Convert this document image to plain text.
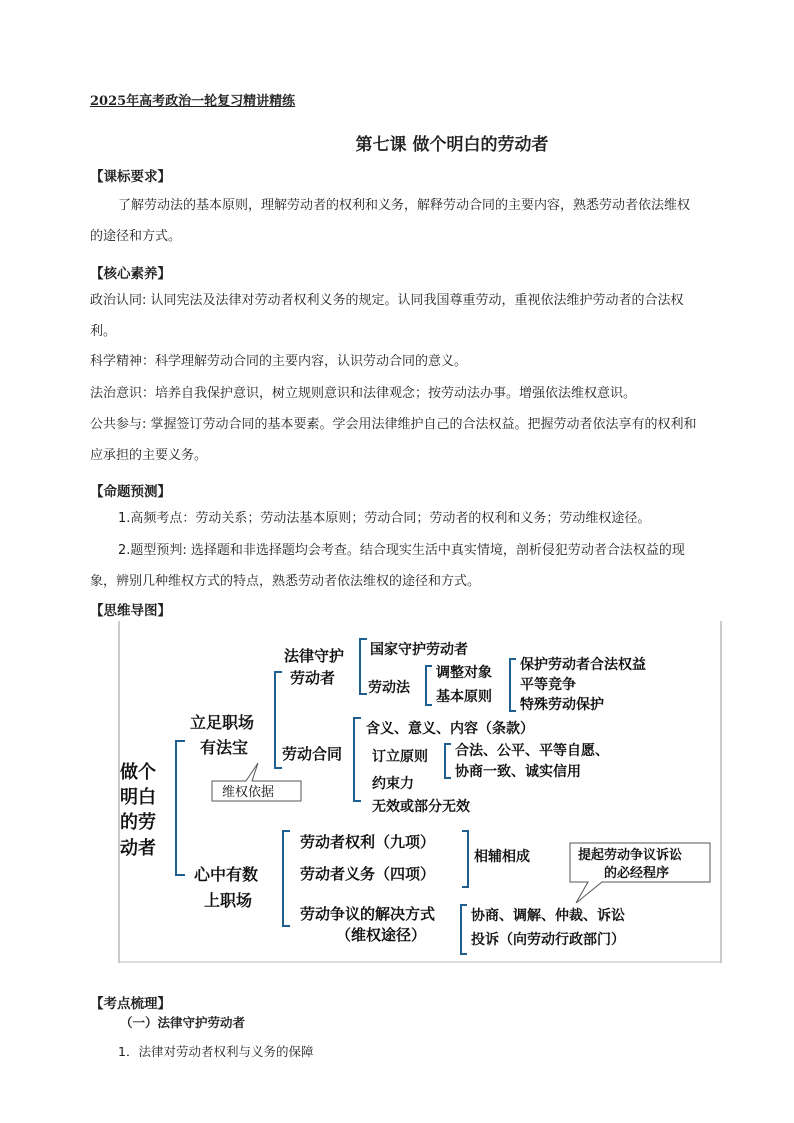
2025年高考政治一轮复习精讲精练
第七课 做个明白的劳动者
【课标要求】
了解劳动法的基本原则，理解劳动者的权利和义务，解释劳动合同的主要内容，熟悉劳动者依法维权的途径和方式。
【核心素养】
政治认同: 认同宪法及法律对劳动者权利义务的规定。认同我国尊重劳动，重视依法维护劳动者的合法权利。
科学精神：科学理解劳动合同的主要内容，认识劳动合同的意义。
法治意识：培养自我保护意识，树立规则意识和法律观念；按劳动法办事。增强依法维权意识。
公共参与: 掌握签订劳动合同的基本要素。学会用法律维护自己的合法权益。把握劳动者依法享有的权利和应承担的主要义务。
【命题预测】
1.高频考点：劳动关系；劳动法基本原则；劳动合同；劳动者的权利和义务；劳动维权途径。
2.题型预判: 选择题和非选择题均会考查。结合现实生活中真实情境，剖析侵犯劳动者合法权益的现象，辨别几种维权方式的特点，熟悉劳动者依法维权的途径和方式。
【思维导图】
做个
明白
的劳
动者
立足职场
有法宝
心中有数
上职场
法律守护
劳动者
劳动合同
国家守护劳动者
劳动法
调整对象
基本原则
保护劳动者合法权益
平等竞争
特殊劳动保护
含义、意义、内容（条款）
订立原则
约束力
无效或部分无效
合法、公平、平等自愿、
协商一致、诚实信用
维权依据
劳动者权利（九项）
劳动者义务（四项）
劳动争议的解决方式
（维权途径）
相辅相成
协商、调解、仲裁、诉讼
投诉（向劳动行政部门）
提起劳动争议诉讼
的必经程序
【考点梳理】
（一）法律守护劳动者
1．法律对劳动者权利与义务的保障
